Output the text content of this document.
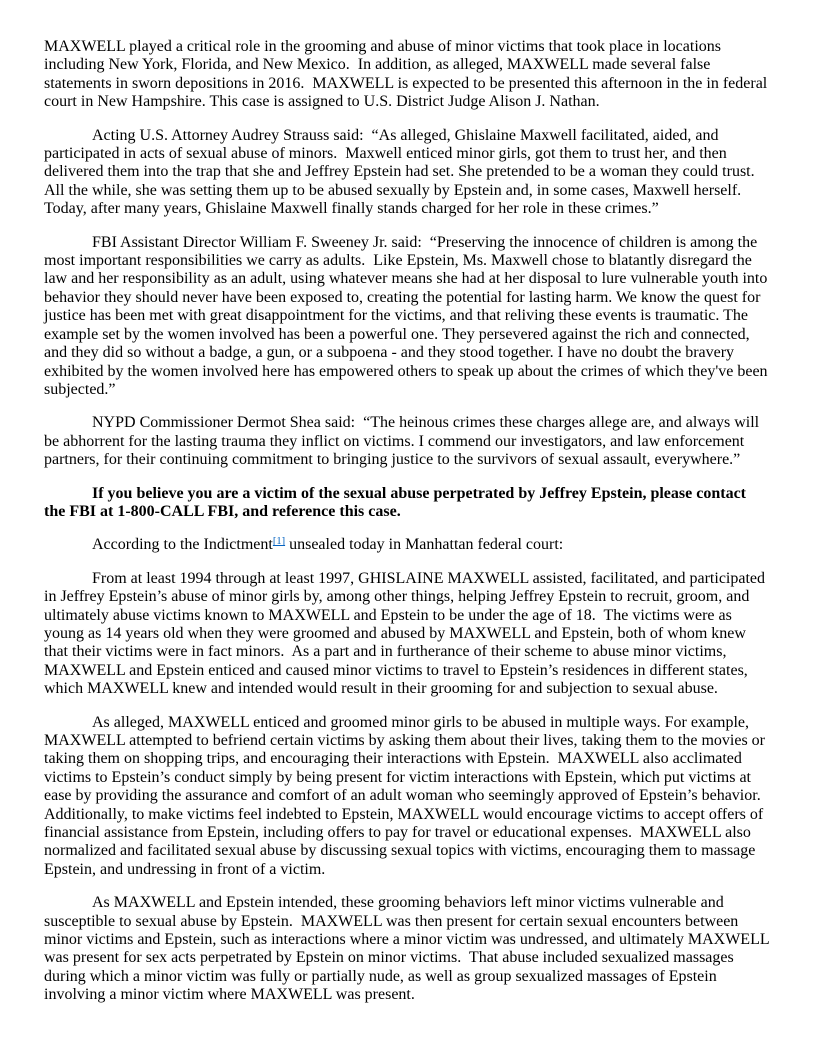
MAXWELL played a critical role in the grooming and abuse of minor victims that took place in locations including New York, Florida, and New Mexico.  In addition, as alleged, MAXWELL made several false statements in sworn depositions in 2016.  MAXWELL is expected to be presented this afternoon in the in federal court in New Hampshire. This case is assigned to U.S. District Judge Alison J. Nathan.

Acting U.S. Attorney Audrey Strauss said:  “As alleged, Ghislaine Maxwell facilitated, aided, and participated in acts of sexual abuse of minors.  Maxwell enticed minor girls, got them to trust her, and then delivered them into the trap that she and Jeffrey Epstein had set. She pretended to be a woman they could trust. All the while, she was setting them up to be abused sexually by Epstein and, in some cases, Maxwell herself. Today, after many years, Ghislaine Maxwell finally stands charged for her role in these crimes.”

FBI Assistant Director William F. Sweeney Jr. said:  “Preserving the innocence of children is among the most important responsibilities we carry as adults.  Like Epstein, Ms. Maxwell chose to blatantly disregard the law and her responsibility as an adult, using whatever means she had at her disposal to lure vulnerable youth into behavior they should never have been exposed to, creating the potential for lasting harm. We know the quest for justice has been met with great disappointment for the victims, and that reliving these events is traumatic. The example set by the women involved has been a powerful one. They persevered against the rich and connected, and they did so without a badge, a gun, or a subpoena - and they stood together. I have no doubt the bravery exhibited by the women involved here has empowered others to speak up about the crimes of which they've been subjected.”

NYPD Commissioner Dermot Shea said:  “The heinous crimes these charges allege are, and always will be abhorrent for the lasting trauma they inflict on victims. I commend our investigators, and law enforcement partners, for their continuing commitment to bringing justice to the survivors of sexual assault, everywhere.”

If you believe you are a victim of the sexual abuse perpetrated by Jeffrey Epstein, please contact the FBI at 1-800-CALL FBI, and reference this case.

According to the Indictment[1] unsealed today in Manhattan federal court:

From at least 1994 through at least 1997, GHISLAINE MAXWELL assisted, facilitated, and participated in Jeffrey Epstein’s abuse of minor girls by, among other things, helping Jeffrey Epstein to recruit, groom, and ultimately abuse victims known to MAXWELL and Epstein to be under the age of 18.  The victims were as young as 14 years old when they were groomed and abused by MAXWELL and Epstein, both of whom knew that their victims were in fact minors.  As a part and in furtherance of their scheme to abuse minor victims, MAXWELL and Epstein enticed and caused minor victims to travel to Epstein’s residences in different states, which MAXWELL knew and intended would result in their grooming for and subjection to sexual abuse.

As alleged, MAXWELL enticed and groomed minor girls to be abused in multiple ways. For example, MAXWELL attempted to befriend certain victims by asking them about their lives, taking them to the movies or taking them on shopping trips, and encouraging their interactions with Epstein.  MAXWELL also acclimated victims to Epstein’s conduct simply by being present for victim interactions with Epstein, which put victims at ease by providing the assurance and comfort of an adult woman who seemingly approved of Epstein’s behavior. Additionally, to make victims feel indebted to Epstein, MAXWELL would encourage victims to accept offers of financial assistance from Epstein, including offers to pay for travel or educational expenses.  MAXWELL also normalized and facilitated sexual abuse by discussing sexual topics with victims, encouraging them to massage Epstein, and undressing in front of a victim.

As MAXWELL and Epstein intended, these grooming behaviors left minor victims vulnerable and susceptible to sexual abuse by Epstein.  MAXWELL was then present for certain sexual encounters between minor victims and Epstein, such as interactions where a minor victim was undressed, and ultimately MAXWELL was present for sex acts perpetrated by Epstein on minor victims.  That abuse included sexualized massages during which a minor victim was fully or partially nude, as well as group sexualized massages of Epstein involving a minor victim where MAXWELL was present.
